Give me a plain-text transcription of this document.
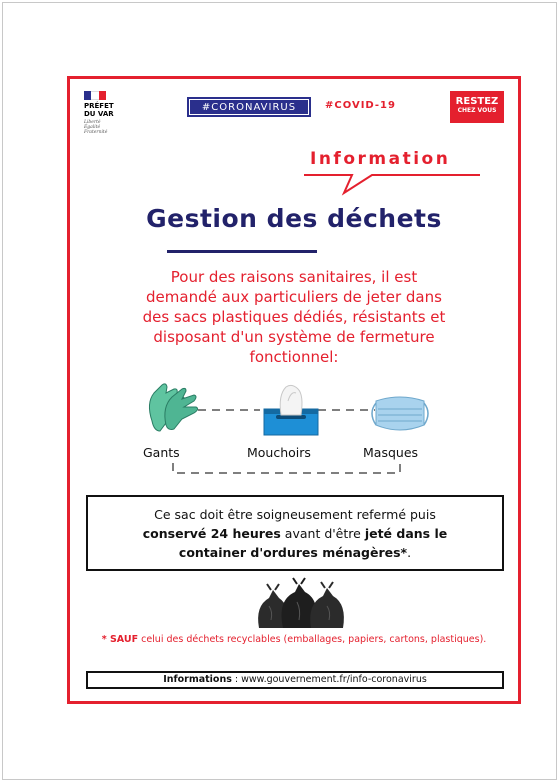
PRÉFET
DU VAR
Liberté
Égalité
Fraternité
#CORONAVIRUS	#COVID-19	RESTEZ
CHEZ VOUS
Information
Gestion des déchets
Pour des raisons sanitaires, il est
demandé aux particuliers de jeter dans
des sacs plastiques dédiés, résistants et
disposant d'un système de fermeture
fonctionnel:
Gants	Mouchoirs	Masques
Ce sac doit être soigneusement refermé puis
conservé 24 heures avant d'être jeté dans le
container d'ordures ménagères*.
* SAUF celui des déchets recyclables (emballages, papiers, cartons, plastiques).
Informations : www.gouvernement.fr/info-coronavirus
